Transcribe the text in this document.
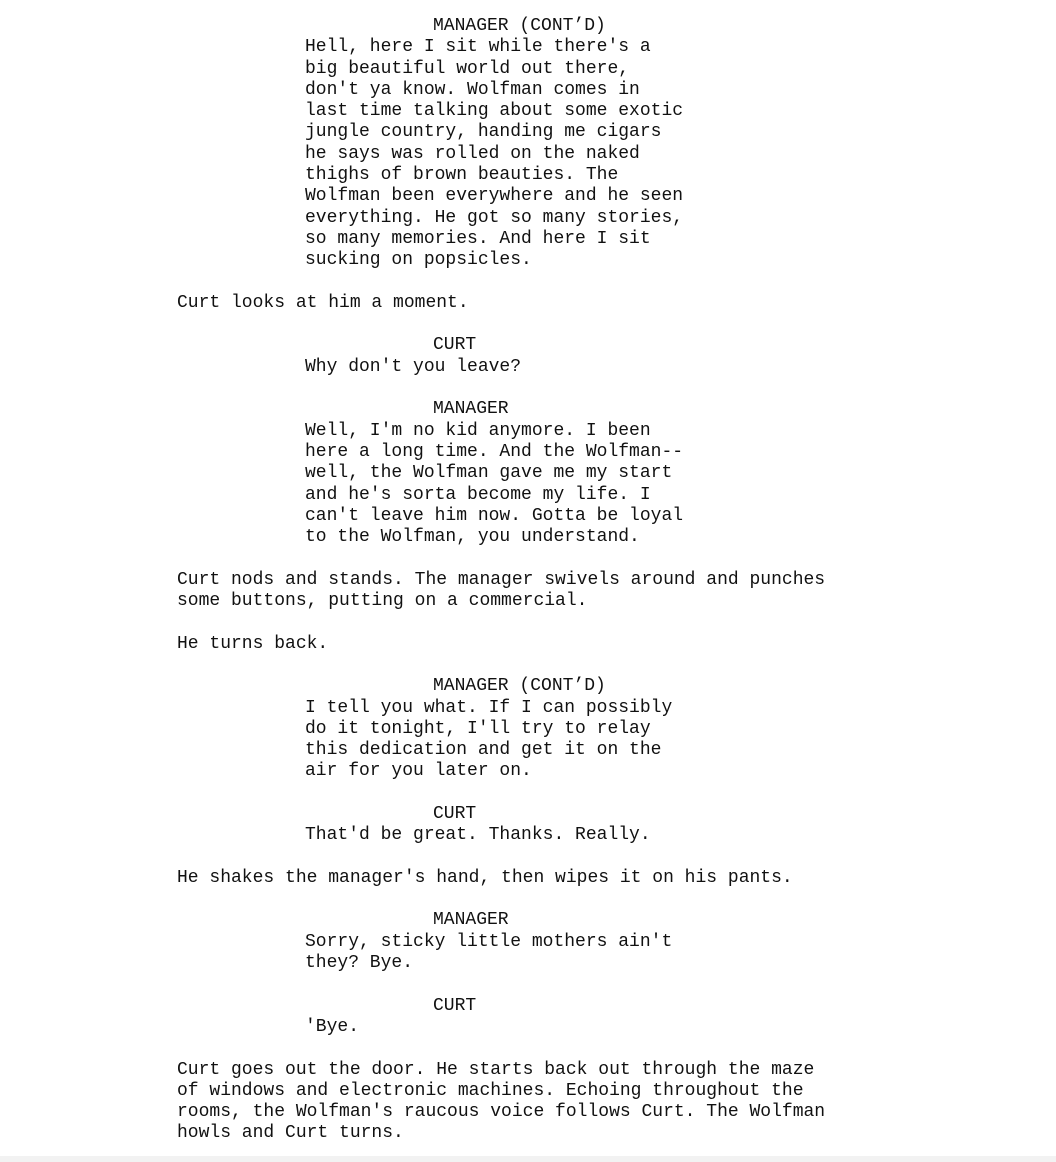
MANAGER (CONT’D)
Hell, here I sit while there's a
big beautiful world out there,
don't ya know. Wolfman comes in
last time talking about some exotic
jungle country, handing me cigars
he says was rolled on the naked
thighs of brown beauties. The
Wolfman been everywhere and he seen
everything. He got so many stories,
so many memories. And here I sit
sucking on popsicles.
Curt looks at him a moment.
CURT
Why don't you leave?
MANAGER
Well, I'm no kid anymore. I been
here a long time. And the Wolfman--
well, the Wolfman gave me my start
and he's sorta become my life. I
can't leave him now. Gotta be loyal
to the Wolfman, you understand.
Curt nods and stands. The manager swivels around and punches
some buttons, putting on a commercial.
He turns back.
MANAGER (CONT’D)
I tell you what. If I can possibly
do it tonight, I'll try to relay
this dedication and get it on the
air for you later on.
CURT
That'd be great. Thanks. Really.
He shakes the manager's hand, then wipes it on his pants.
MANAGER
Sorry, sticky little mothers ain't
they? Bye.
CURT
'Bye.
Curt goes out the door. He starts back out through the maze
of windows and electronic machines. Echoing throughout the
rooms, the Wolfman's raucous voice follows Curt. The Wolfman
howls and Curt turns.
